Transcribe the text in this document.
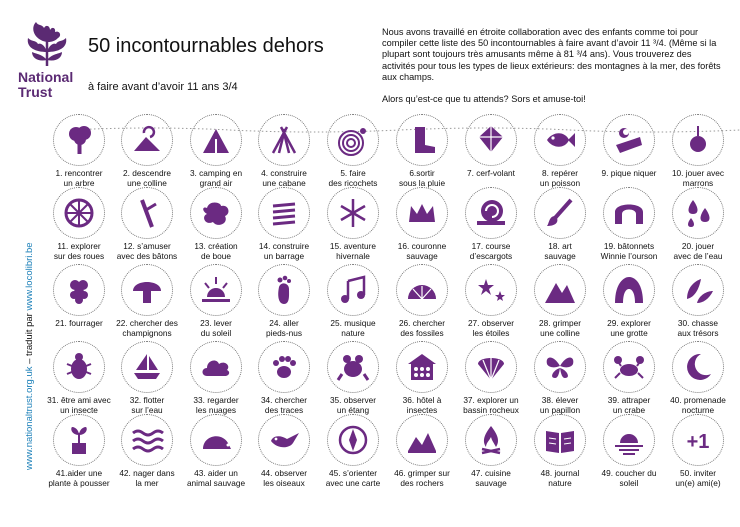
National
Trust
50 incontournables dehors
à faire avant d’avoir 11 ans 3/4

Nous avons travaillé en étroite collaboration avec des enfants comme toi pour compiler cette liste des 50 incontournables à faire avant d’avoir 11 ³/4. (Même si la plupart sont toujours très amusants même à 81 ³/4 ans). Vous trouverez des activités pour tous les types de lieux extérieurs: des montagnes à la mer, des forêts aux champs.

Alors qu’est-ce que tu attends? Sors et amuse-toi!

www.nationaltrust.org.uk – traduit par www.locolibri.be
1. rencontrer
un arbre
2. descendre
une colline
3. camping en
grand air
4. construire
une cabane
5. faire
des ricochets
6.sortir
sous la pluie
7. cerf-volant	8. repérer
un poisson
9. pique niquer	10. jouer avec
marrons
11. explorer
sur des roues
12. s’amuser
avec des bâtons
13. création
de boue
14. construire
un barrage
15. aventure
hivernale
16. couronne
sauvage
17. course
d’escargots
18. art
sauvage
19. bâtonnets
Winnie l’ourson
20. jouer
avec de l’eau
21. fourrager	22. chercher des
champignons
23. lever
du soleil
24. aller
pieds-nus
25. musique
nature
26. chercher
des fossiles
27. observer
les étoiles
28. grimper
une colline
29. explorer
une grotte
30. chasse
aux trésors
31. être ami avec
un insecte
32. flotter
sur l’eau
33. regarder
les nuages
34. chercher
des traces
35. observer
un étang
36. hôtel à
insectes
37. explorer un
bassin rocheux
38. élever
un papillon
39. attraper
un crabe
40. promenade
nocturne
41.aider une
plante à pousser
42. nager dans
la mer
43. aider un
animal sauvage
44. observer
les oiseaux
45. s’orienter
avec une carte
46. grimper sur
des rochers
47. cuisine
sauvage
48. journal
nature
49. coucher du
soleil
+1
50. inviter
un(e) ami(e)
